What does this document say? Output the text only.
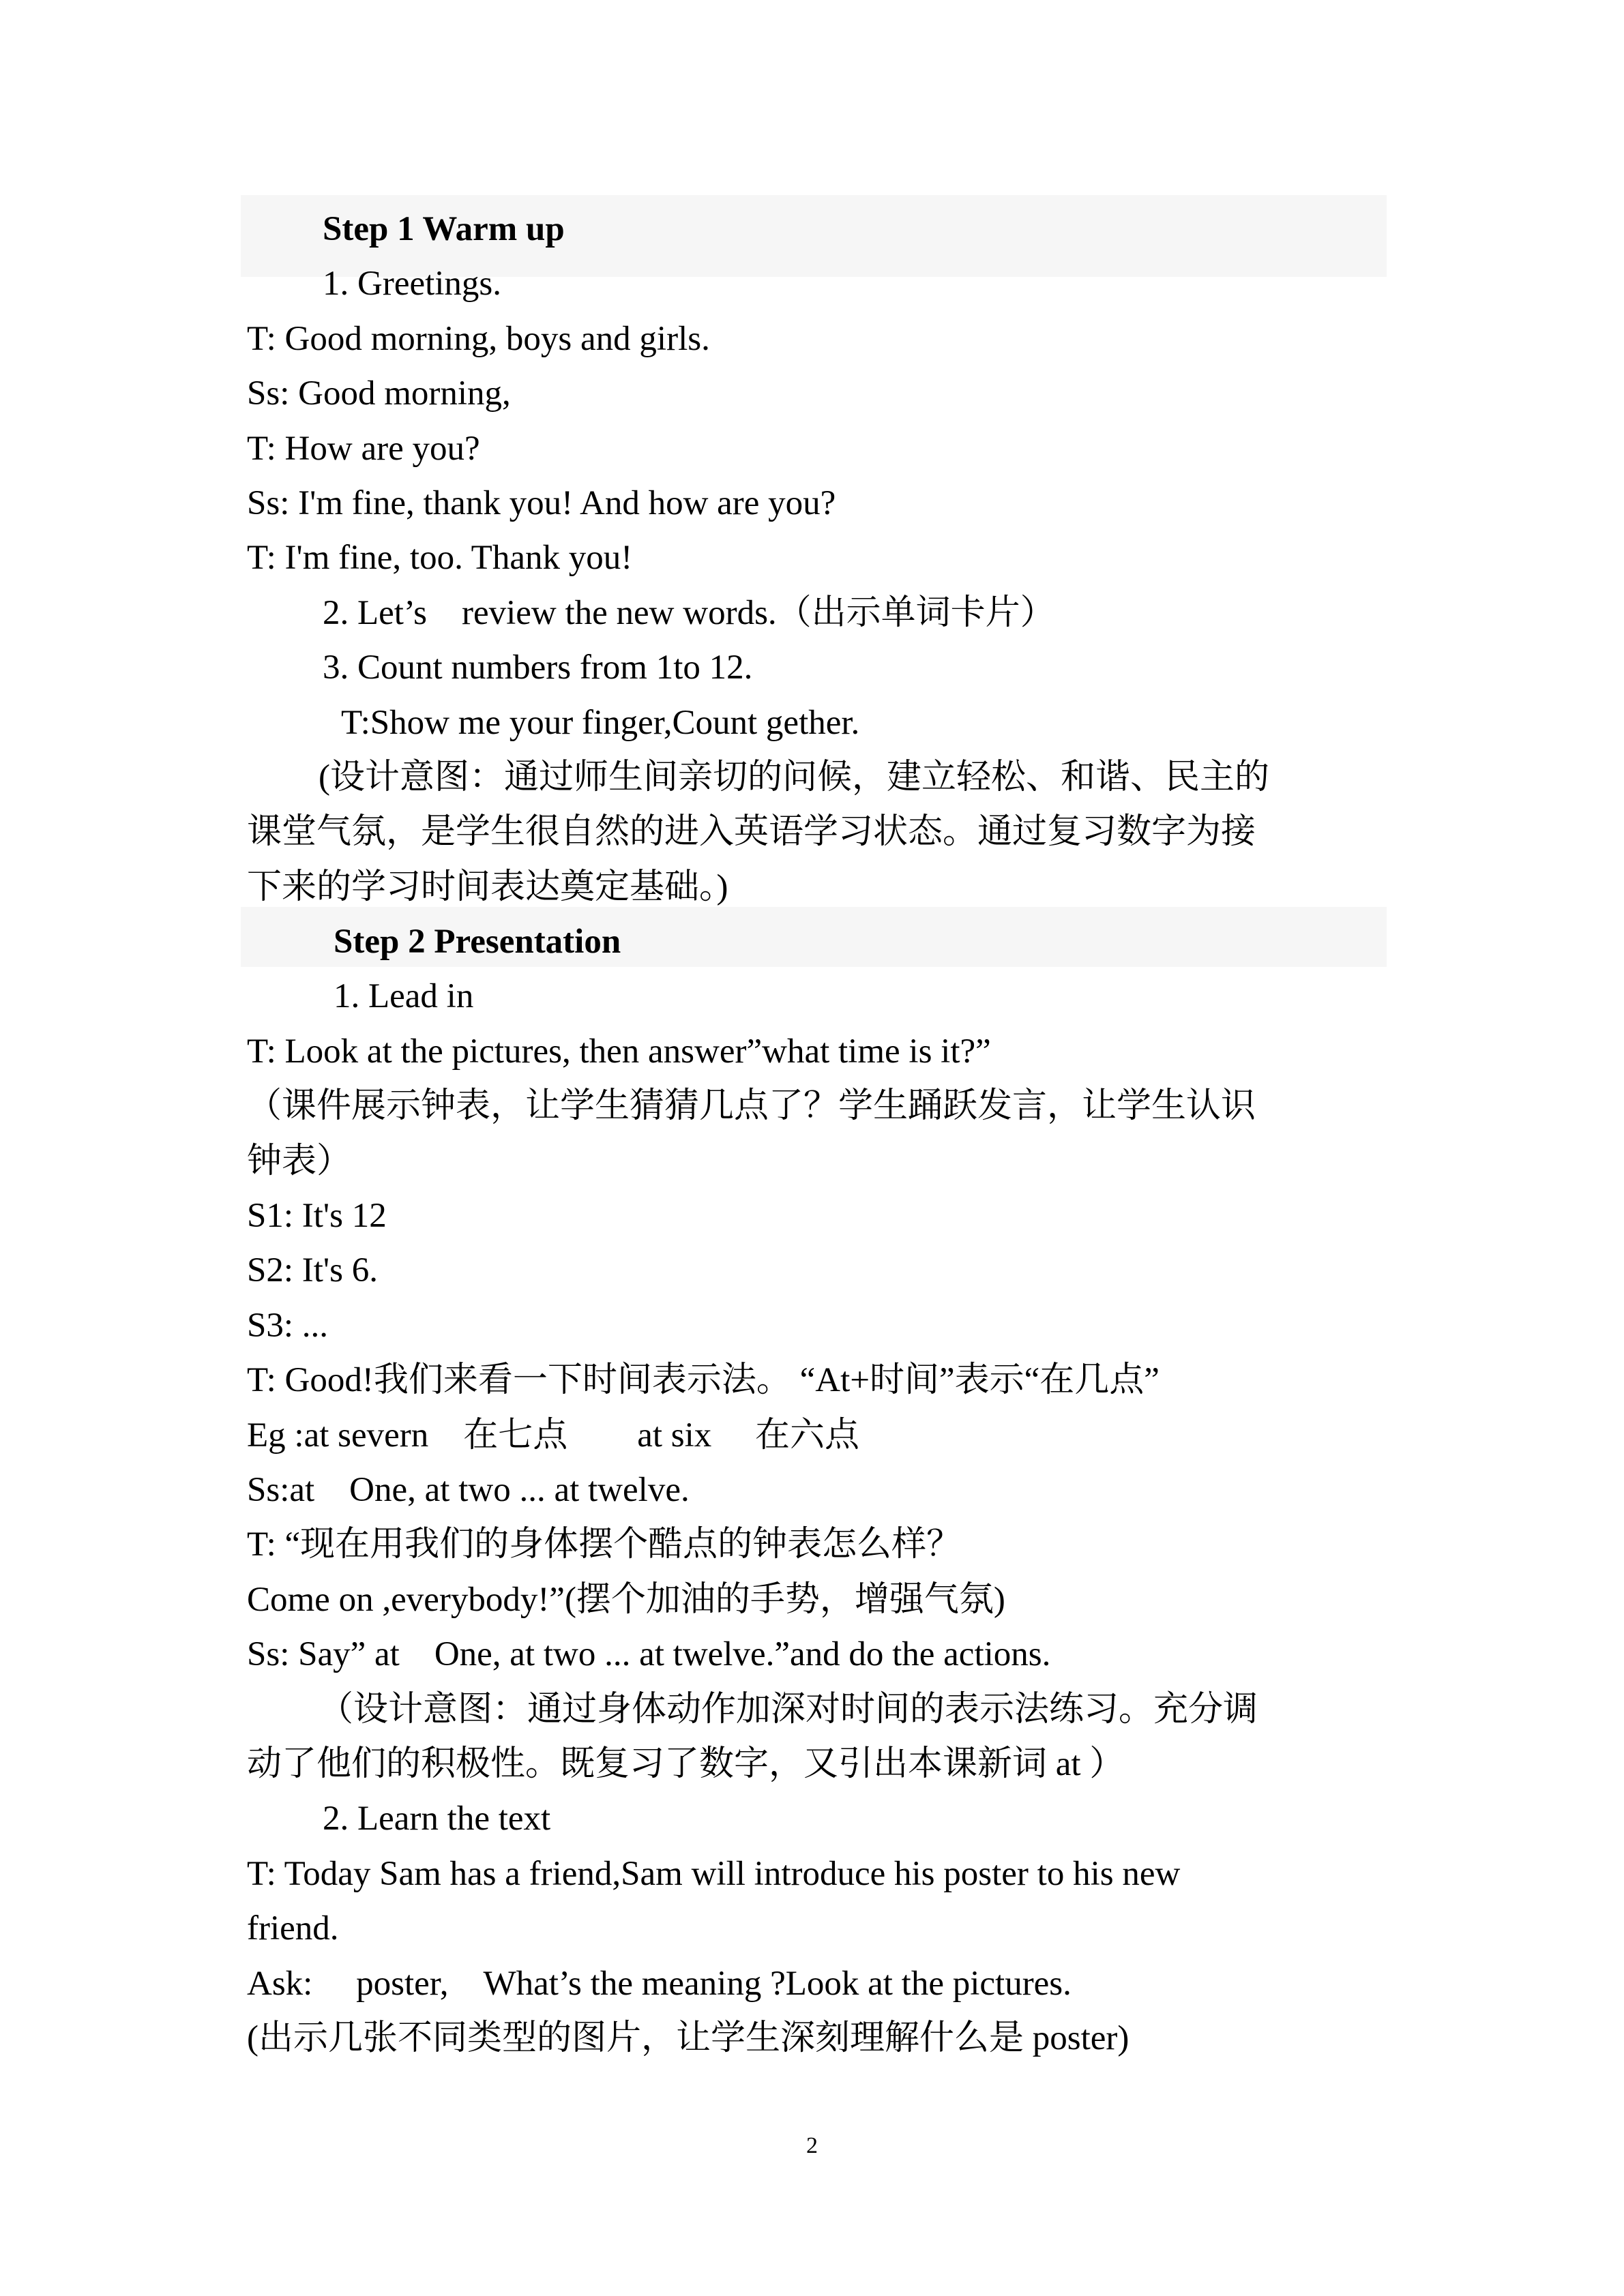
Step 1 Warm up
1. Greetings.
T: Good morning, boys and girls.
Ss: Good morning,
T: How are you?
Ss: I'm fine, thank you! And how are you?
T: I'm fine, too. Thank you!
2. Let’s　review the new words.（出示单词卡片）
3. Count numbers from 1to 12.
T:Show me your finger,Count gether.
(设计意图：通过师生间亲切的问候，建立轻松、和谐、民主的
课堂气氛，是学生很自然的进入英语学习状态。通过复习数字为接
下来的学习时间表达奠定基础。)
Step 2 Presentation
1. Lead in
T: Look at the pictures, then answer”what time is it?”
（课件展示钟表，让学生猜猜几点了？学生踊跃发言，让学生认识
钟表）
S1: It's 12
S2: It's 6.
S3: ...
T: Good!我们来看一下时间表示法。 “At+时间”表示“在几点”
Eg :at severn　在七点　　at six　 在六点
Ss:at　One, at two ... at twelve.
T: “现在用我们的身体摆个酷点的钟表怎么样？
Come on ,everybody!”(摆个加油的手势，增强气氛)
Ss: Say” at　One, at two ... at twelve.”and do the actions.
（设计意图：通过身体动作加深对时间的表示法练习。充分调
动了他们的积极性。既复习了数字，又引出本课新词 at ）
2. Learn the text
T: Today Sam has a friend,Sam will introduce his poster to his new
friend.
Ask:　 poster,　What’s the meaning ?Look at the pictures.
(出示几张不同类型的图片，让学生深刻理解什么是 poster)
2
